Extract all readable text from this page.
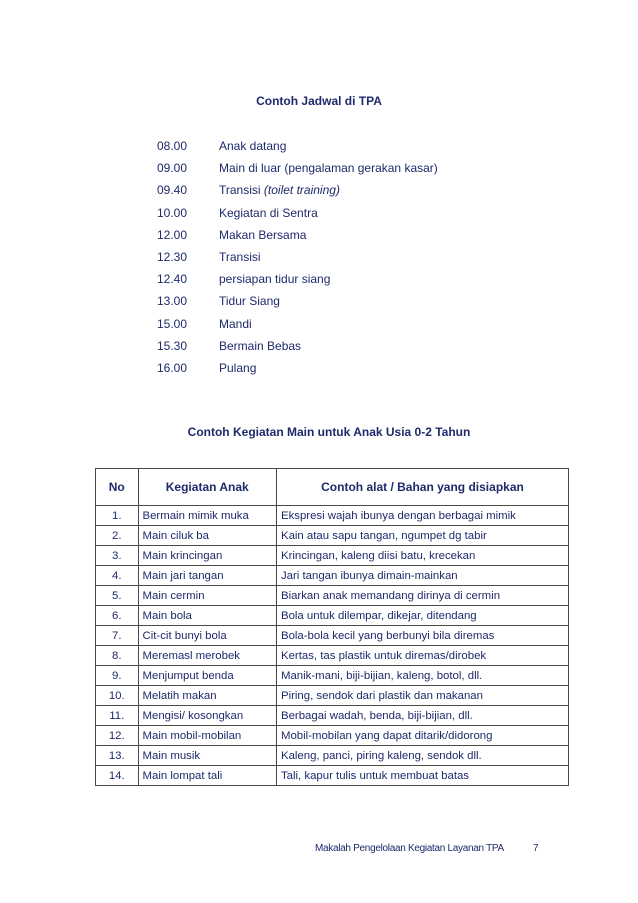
Contoh Jadwal di TPA
08.00	Anak datang
09.00	Main di luar (pengalaman gerakan kasar)
09.40	Transisi (toilet training)
10.00	Kegiatan di Sentra
12.00	Makan Bersama
12.30	Transisi
12.40	persiapan tidur siang
13.00	Tidur Siang
15.00	Mandi
15.30	Bermain Bebas
16.00	Pulang
Contoh Kegiatan Main untuk Anak Usia 0-2 Tahun
No	Kegiatan Anak	Contoh alat / Bahan yang disiapkan
1.	Bermain mimik muka	Ekspresi wajah ibunya dengan berbagai mimik
2.	Main ciluk ba	Kain atau sapu tangan, ngumpet dg tabir
3.	Main krincingan	Krincingan, kaleng diisi batu, krecekan
4.	Main jari tangan	Jari tangan ibunya dimain-mainkan
5.	Main cermin	Biarkan anak memandang dirinya di cermin
6.	Main bola	Bola untuk dilempar, dikejar, ditendang
7.	Cit-cit bunyi bola	Bola-bola kecil yang berbunyi bila diremas
8.	Meremasl merobek	Kertas, tas plastik untuk diremas/dirobek
9.	Menjumput benda	Manik-mani, biji-bijian, kaleng, botol, dll.
10.	Melatih makan	Piring, sendok dari plastik dan makanan
11.	Mengisi/ kosongkan	Berbagai wadah, benda, biji-bijian, dll.
12.	Main mobil-mobilan	Mobil-mobilan yang dapat ditarik/didorong
13.	Main musik	Kaleng, panci, piring kaleng, sendok dll.
14.	Main lompat tali	Tali, kapur tulis untuk membuat batas
Makalah Pengelolaan Kegiatan Layanan TPA	7
